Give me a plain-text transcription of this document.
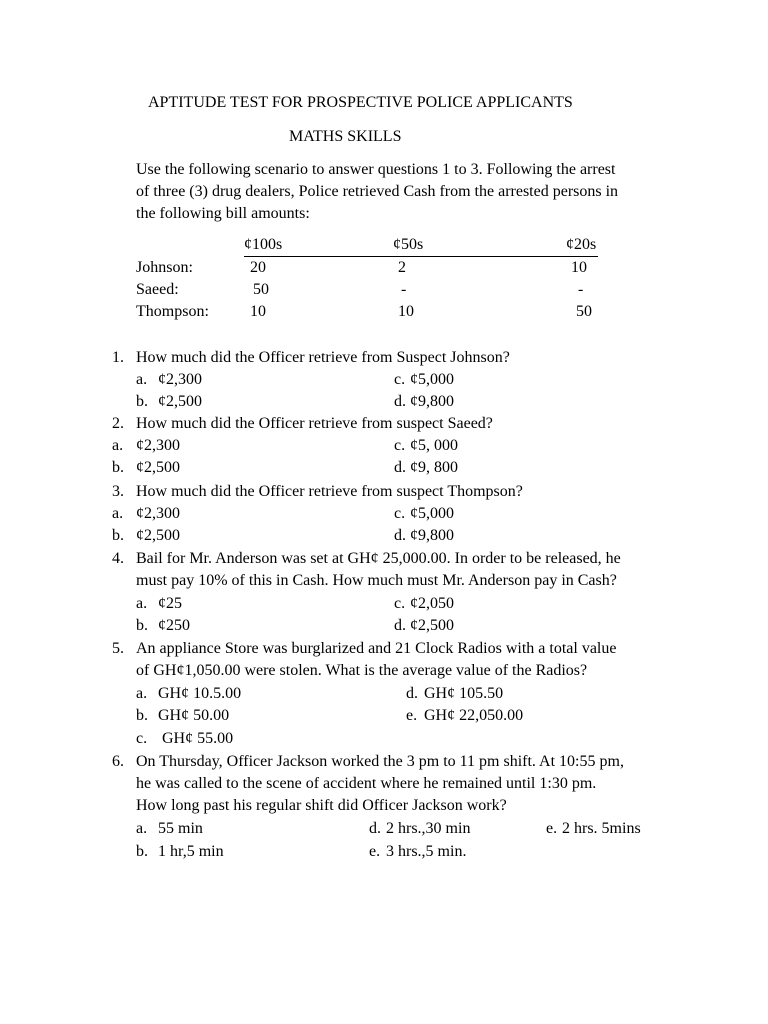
APTITUDE TEST FOR PROSPECTIVE POLICE APPLICANTS
MATHS SKILLS
Use the following scenario to answer questions 1 to 3. Following the arrest
of three (3) drug dealers, Police retrieved Cash from the arrested persons in
the following bill amounts:
¢100s	¢50s	¢20s
Johnson:	20	2	10
Saeed:	50	-	-
Thompson:	10	10	50
1. How much did the Officer retrieve from Suspect Johnson?
a. ¢2,300	c. ¢5,000
b. ¢2,500	d. ¢9,800
2. How much did the Officer retrieve from suspect Saeed?
a. ¢2,300	c. ¢5, 000
b. ¢2,500	d. ¢9, 800
3. How much did the Officer retrieve from suspect Thompson?
a. ¢2,300	c. ¢5,000
b. ¢2,500	d. ¢9,800
4. Bail for Mr. Anderson was set at GH¢ 25,000.00. In order to be released, he
must pay 10% of this in Cash. How much must Mr. Anderson pay in Cash?
a. ¢25	c. ¢2,050
b. ¢250	d. ¢2,500
5. An appliance Store was burglarized and 21 Clock Radios with a total value
of GH¢1,050.00 were stolen. What is the average value of the Radios?
a. GH¢ 10.5.00	d. GH¢ 105.50
b. GH¢ 50.00	e. GH¢ 22,050.00
c. GH¢ 55.00
6. On Thursday, Officer Jackson worked the 3 pm to 11 pm shift. At 10:55 pm,
he was called to the scene of accident where he remained until 1:30 pm.
How long past his regular shift did Officer Jackson work?
a. 55 min	d. 2 hrs.,30 min	e. 2 hrs. 5mins
b. 1 hr,5 min	e. 3 hrs.,5 min.
